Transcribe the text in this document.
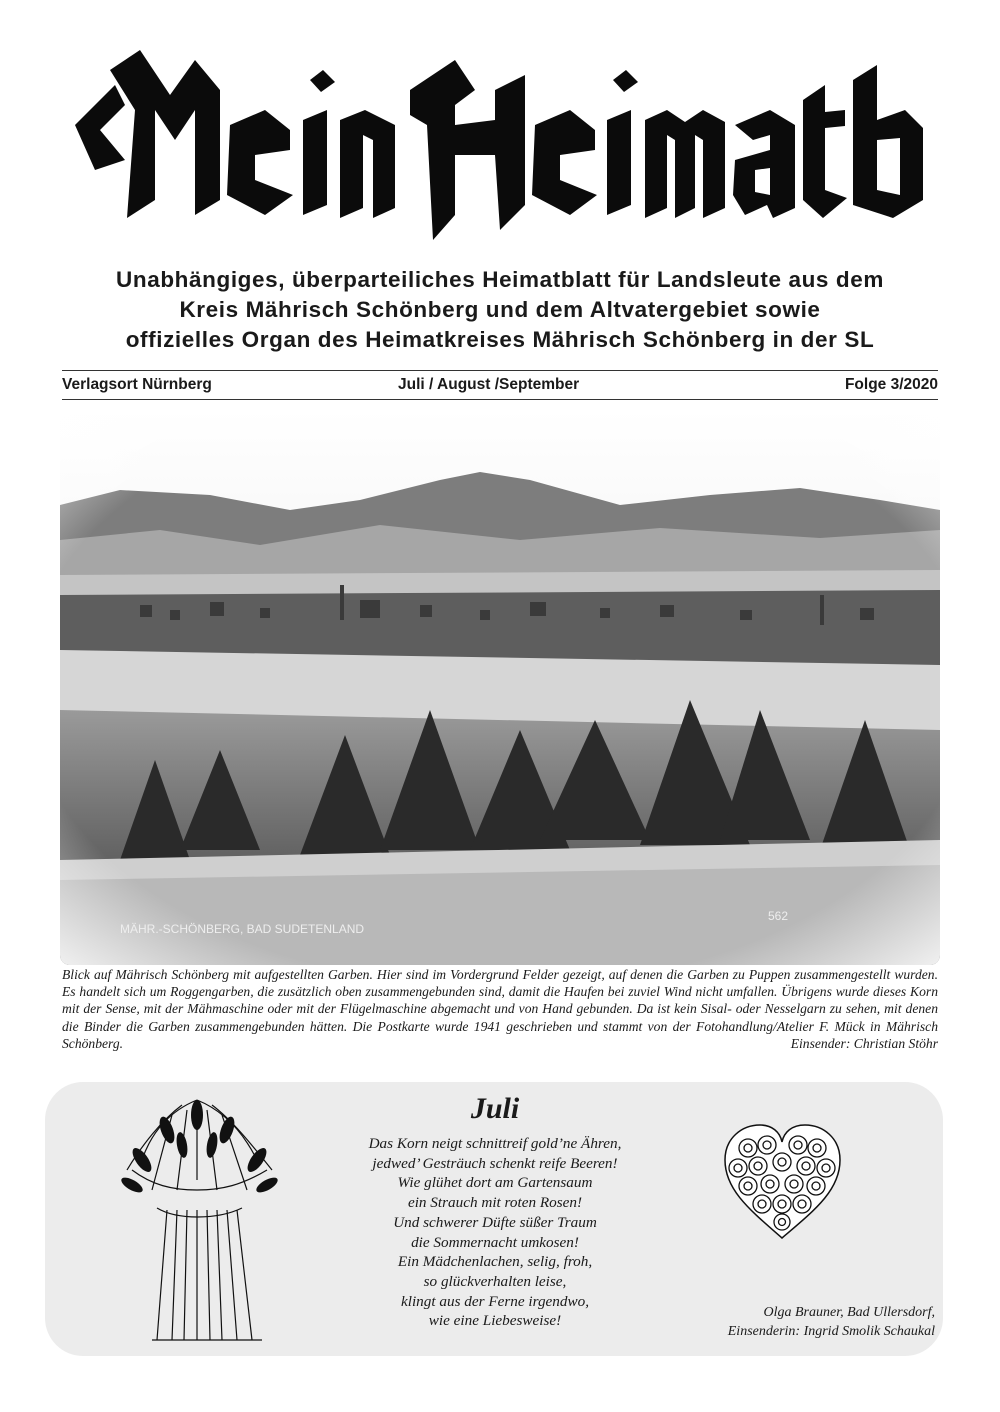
Unabhängiges, überparteiliches Heimatblatt für Landsleute aus dem
Kreis Mährisch Schönberg und dem Altvatergebiet sowie
offizielles Organ des Heimatkreises Mährisch Schönberg in der SL
Verlagsort Nürnberg	Juli / August /September	Folge 3/2020
MÄHR.-SCHÖNBERG, BAD SUDETENLAND
562
Blick auf Mährisch Schönberg mit aufgestellten Garben. Hier sind im Vordergrund Felder gezeigt, auf denen die Garben zu Puppen zusammengestellt wurden. Es handelt sich um Roggengarben, die zusätzlich oben zusammengebunden sind, damit die Haufen bei zuviel Wind nicht umfallen. Übrigens wurde dieses Korn mit der Sense, mit der Mähmaschine oder mit der Flügelmaschine abgemacht und von Hand gebunden. Da ist kein Sisal- oder Nesselgarn zu sehen, mit denen die Binder die Garben zusammengebunden hätten. Die Postkarte wurde 1941 geschrieben und stammt von der Fotohandlung/Atelier F. Mück in Mährisch Schönberg.	Einsender: Christian Stöhr
Juli
Das Korn neigt schnittreif gold’ne Ähren,
jedwed’ Gesträuch schenkt reife Beeren!
Wie glühet dort am Gartensaum
ein Strauch mit roten Rosen!
Und schwerer Düfte süßer Traum
die Sommernacht umkosen!
Ein Mädchenlachen, selig, froh,
so glückverhalten leise,
klingt aus der Ferne irgendwo,
wie eine Liebesweise!	Olga Brauner, Bad Ullersdorf,
Einsenderin: Ingrid Smolik Schaukal
